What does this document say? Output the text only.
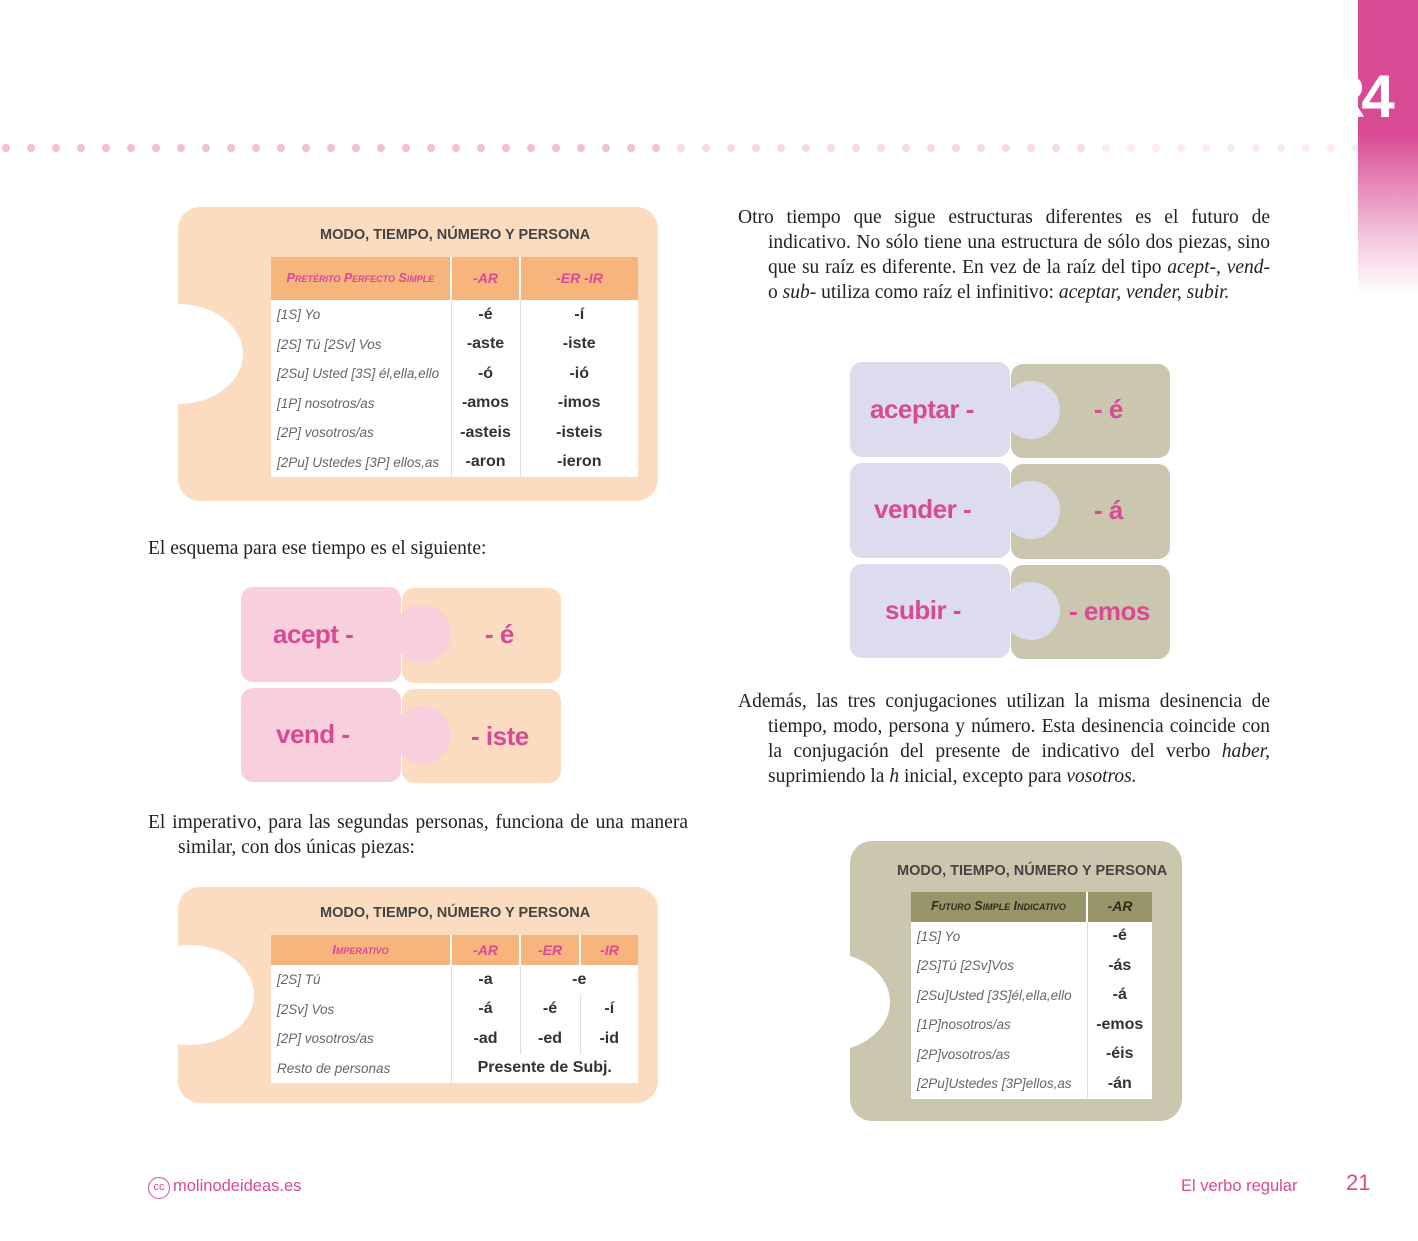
R4
MODO, TIEMPO, NÚMERO Y PERSONA
Pretérito Perfecto Simple	-AR	-ER -IR
[1S] Yo	-é	-í
[2S] Tú [2Sv] Vos	-aste	-iste
[2Su] Usted [3S] él,ella,ello	-ó	-ió
[1P] nosotros/as	-amos	-imos
[2P] vosotros/as	-asteis	-isteis
[2Pu] Ustedes [3P] ellos,as	-aron	-ieron
El esquema para ese tiempo es el siguiente:
acept -	- é
vend -	- iste
El imperativo, para las segundas personas, funciona de una manera similar, con dos únicas piezas:
MODO, TIEMPO, NÚMERO Y PERSONA
Imperativo	-AR	-ER	-IR
[2S] Tú	-a	-e	
[2Sv] Vos	-á	-é	-í
[2P] vosotros/as	-ad	-ed	-id
Resto de personas	Presente de Subj.		
Otro tiempo que sigue estructuras diferentes es el futuro de indicativo. No sólo tiene una estructura de sólo dos piezas, sino que su raíz es diferente. En vez de la raíz del tipo acept-, vend- o sub- utiliza como raíz el infinitivo: aceptar, vender, subir.
aceptar -	- é
vender -	- á
subir -	- emos
Además, las tres conjugaciones utilizan la misma desinencia de tiempo, modo, persona y número. Esta desinencia coincide con la conjugación del presente de indicativo del verbo haber, suprimiendo la h inicial, excepto para vosotros.
MODO, TIEMPO, NÚMERO Y PERSONA
Futuro Simple Indicativo	-AR
[1S] Yo	-é
[2S]Tú [2Sv]Vos	-ás
[2Su]Usted [3S]él,ella,ello	-á
[1P]nosotros/as	-emos
[2P]vosotros/as	-éis
[2Pu]Ustedes [3P]ellos,as	-án
cc molinodeideas.es	El verbo regular 21
